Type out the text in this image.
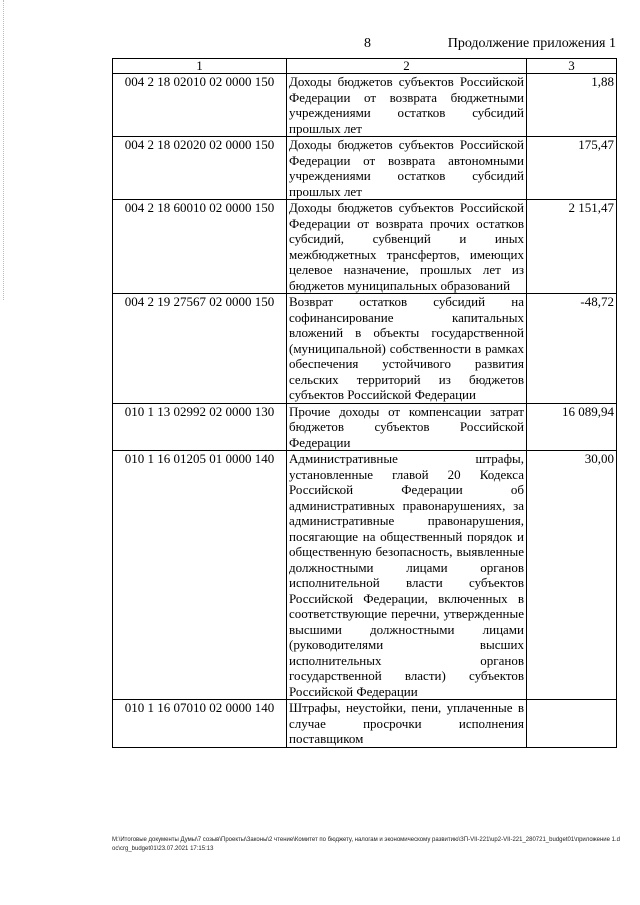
8	Продолжение приложения 1
1	2	3
004 2 18 02010 02 0000 150	Доходы бюджетов субъектов Российской Федерации от возврата бюджетными учреждениями остатков субсидий прошлых лет	1,88
004 2 18 02020 02 0000 150	Доходы бюджетов субъектов Российской Федерации от возврата автономными учреждениями остатков субсидий прошлых лет	175,47
004 2 18 60010 02 0000 150	Доходы бюджетов субъектов Российской Федерации от возврата прочих остатков субсидий, субвенций и иных межбюджетных трансфертов, имеющих целевое назначение, прошлых лет из бюджетов муниципальных образований	2 151,47
004 2 19 27567 02 0000 150	Возврат остатков субсидий на софинансирование капитальных вложений в объекты государственной (муниципальной) собственности в рамках обеспечения устойчивого развития сельских территорий из бюджетов субъектов Российской Федерации	-48,72
010 1 13 02992 02 0000 130	Прочие доходы от компенсации затрат бюджетов субъектов Российской Федерации	16 089,94
010 1 16 01205 01 0000 140	Административные штрафы, установленные главой 20 Кодекса Российской Федерации об административных правонарушениях, за административные правонарушения, посягающие на общественный порядок и общественную безопасность, выявленные должностными лицами органов исполнительной власти субъектов Российской Федерации, включенных в соответствующие перечни, утвержденные высшими должностными лицами (руководителями высших исполнительных органов государственной власти) субъектов Российской Федерации	30,00
010 1 16 07010 02 0000 140	Штрафы, неустойки, пени, уплаченные в случае просрочки исполнения поставщиком	
M:\Итоговые документы Думы\7 созыв\Проекты\Законы\2 чтение\Комитет по бюджету, налогам и экономическому развитию\ЗП-VII-221\up2-VII-221_280721_budget01\приложение 1.doc\crg_budget01\23.07.2021 17:15:13
